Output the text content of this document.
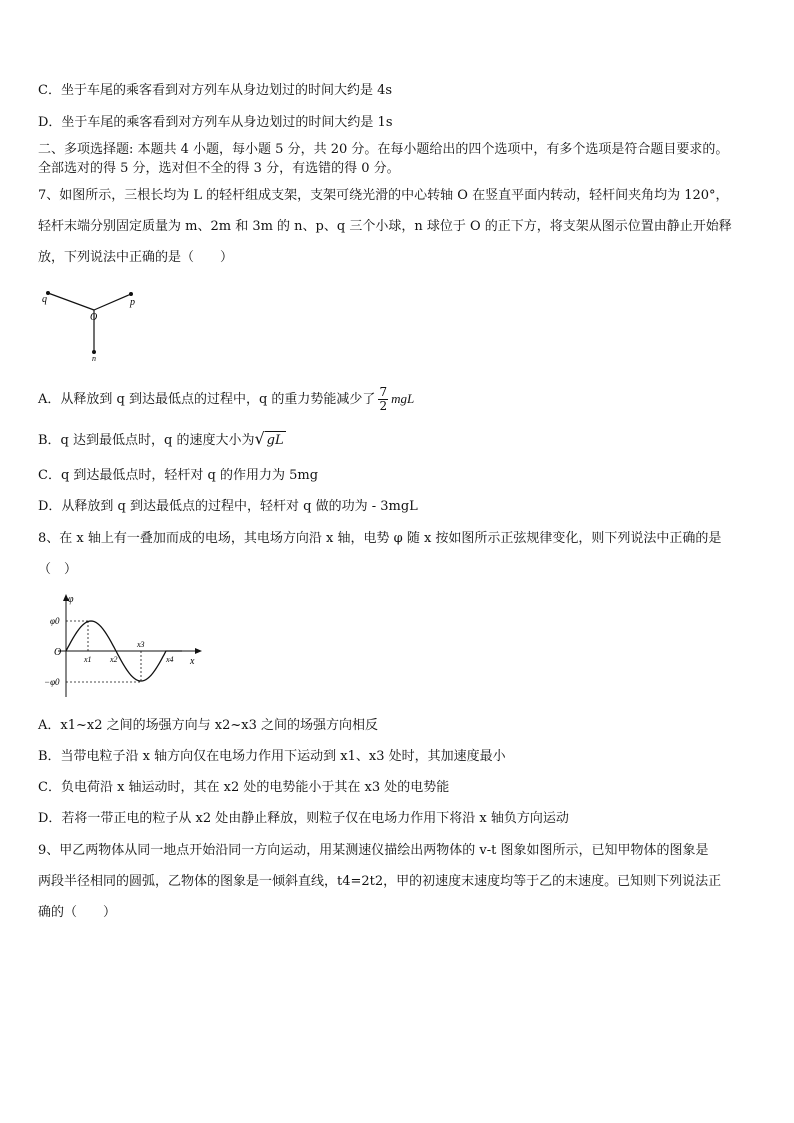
C．坐于车尾的乘客看到对方列车从身边划过的时间大约是 4s
D．坐于车尾的乘客看到对方列车从身边划过的时间大约是 1s
二、多项选择题: 本题共 4 小题，每小题 5 分，共 20 分。在每小题给出的四个选项中，有多个选项是符合题目要求的。
全部选对的得 5 分，选对但不全的得 3 分，有选错的得 0 分。
7、如图所示，三根长均为 L 的轻杆组成支架，支架可绕光滑的中心转轴 O 在竖直平面内转动，轻杆间夹角均为 120°，
轻杆末端分别固定质量为 m、2m 和 3m 的 n、p、q 三个小球，n 球位于 O 的正下方，将支架从图示位置由静止开始释
放，下列说法中正确的是（　　）
q	p
O
n
A．从释放到 q 到达最低点的过程中，q 的重力势能减少了 $\frac{7}{2}$ mgL
B．q 达到最低点时，q 的速度大小为√ gL
C．q 到达最低点时，轻杆对 q 的作用力为 5mg
D．从释放到 q 到达最低点的过程中，轻杆对 q 做的功为 - 3mgL
8、在 x 轴上有一叠加而成的电场，其电场方向沿 x 轴，电势 φ 随 x 按如图所示正弦规律变化，则下列说法中正确的是
（　）
φ
φ0
−φ0
O
x
x1 x2
x3
x4
A．x1~x2 之间的场强方向与 x2~x3 之间的场强方向相反
B．当带电粒子沿 x 轴方向仅在电场力作用下运动到 x1、x3 处时，其加速度最小
C．负电荷沿 x 轴运动时，其在 x2 处的电势能小于其在 x3 处的电势能
D．若将一带正电的粒子从 x2 处由静止释放，则粒子仅在电场力作用下将沿 x 轴负方向运动
9、甲乙两物体从同一地点开始沿同一方向运动，用某测速仪描绘出两物体的 v-t 图象如图所示，已知甲物体的图象是
两段半径相同的圆弧，乙物体的图象是一倾斜直线，t4=2t2，甲的初速度末速度均等于乙的末速度。已知则下列说法正
确的（　　）
